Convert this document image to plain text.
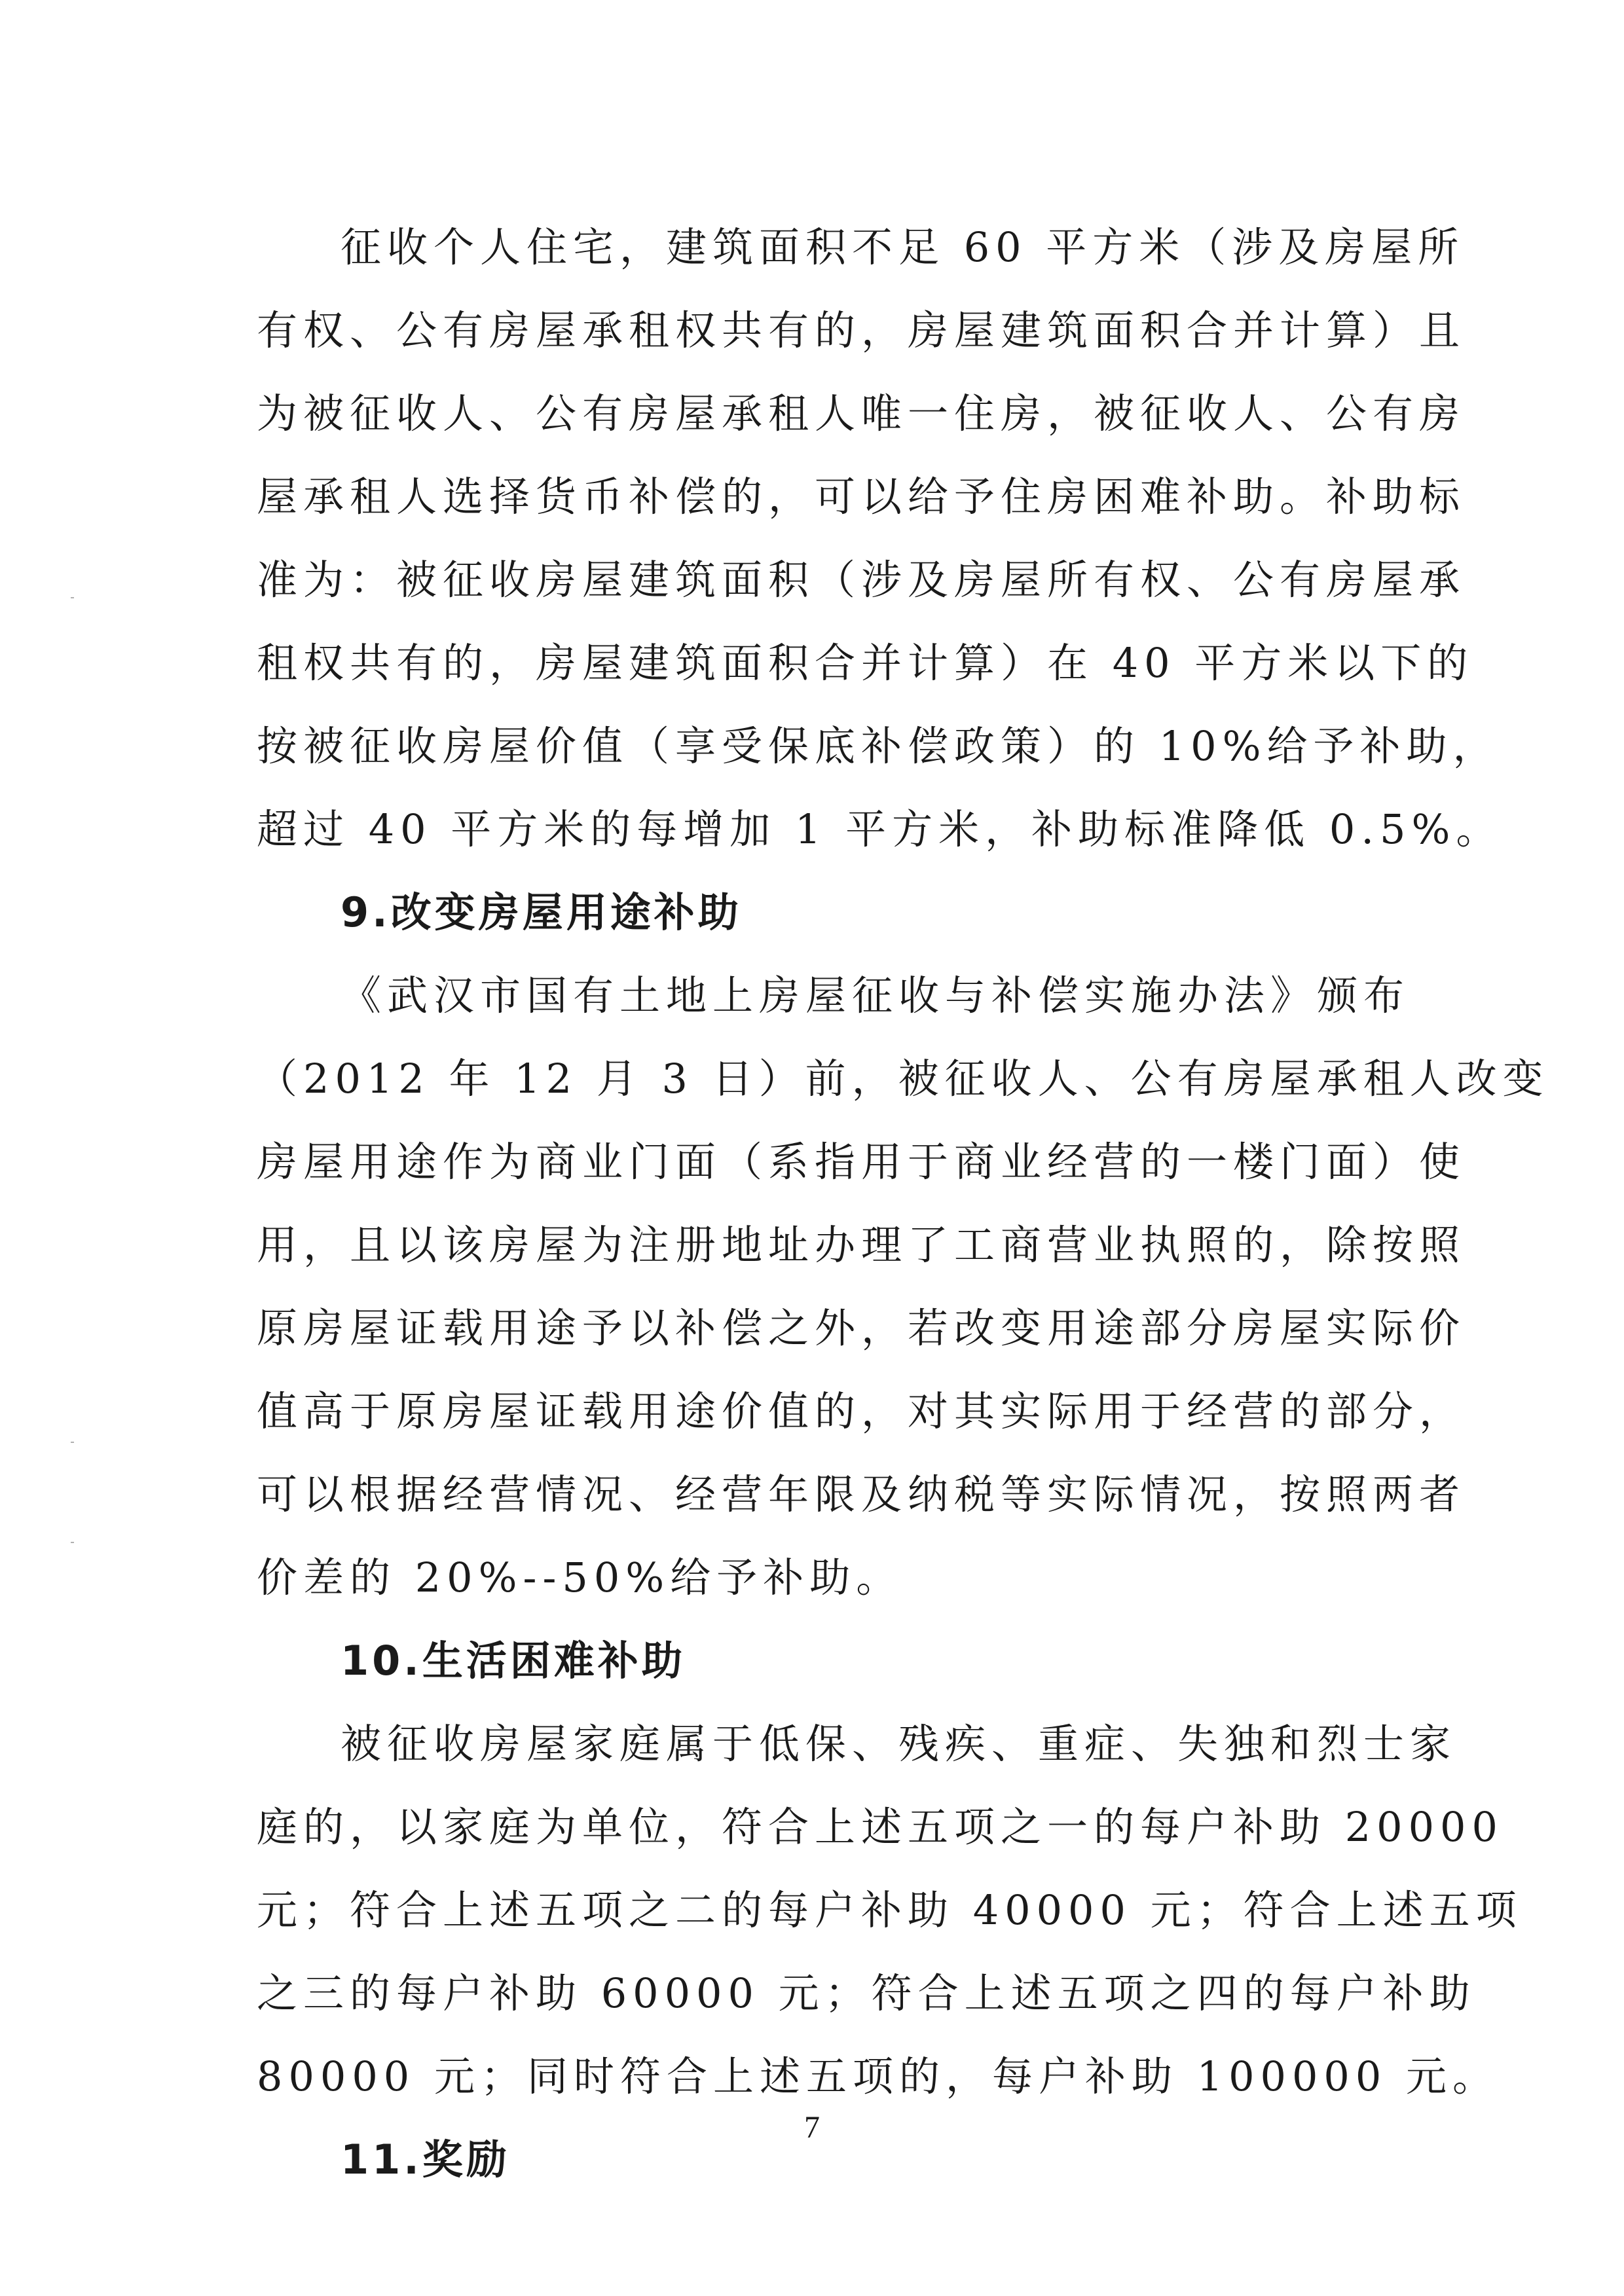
征收个人住宅，建筑面积不足 60 平方米（涉及房屋所
有权、公有房屋承租权共有的，房屋建筑面积合并计算）且
为被征收人、公有房屋承租人唯一住房，被征收人、公有房
屋承租人选择货币补偿的，可以给予住房困难补助。补助标
准为：被征收房屋建筑面积（涉及房屋所有权、公有房屋承
租权共有的，房屋建筑面积合并计算）在 40 平方米以下的
按被征收房屋价值（享受保底补偿政策）的 10%给予补助，
超过 40 平方米的每增加 1 平方米，补助标准降低 0.5%。
9.改变房屋用途补助
《武汉市国有土地上房屋征收与补偿实施办法》颁布
（2012 年 12 月 3 日）前，被征收人、公有房屋承租人改变
房屋用途作为商业门面（系指用于商业经营的一楼门面）使
用，且以该房屋为注册地址办理了工商营业执照的，除按照
原房屋证载用途予以补偿之外，若改变用途部分房屋实际价
值高于原房屋证载用途价值的，对其实际用于经营的部分，
可以根据经营情况、经营年限及纳税等实际情况，按照两者
价差的 20%--50%给予补助。
10.生活困难补助
被征收房屋家庭属于低保、残疾、重症、失独和烈士家
庭的，以家庭为单位，符合上述五项之一的每户补助 20000
元；符合上述五项之二的每户补助 40000 元；符合上述五项
之三的每户补助 60000 元；符合上述五项之四的每户补助
80000 元；同时符合上述五项的，每户补助 100000 元。
11.奖励
7
